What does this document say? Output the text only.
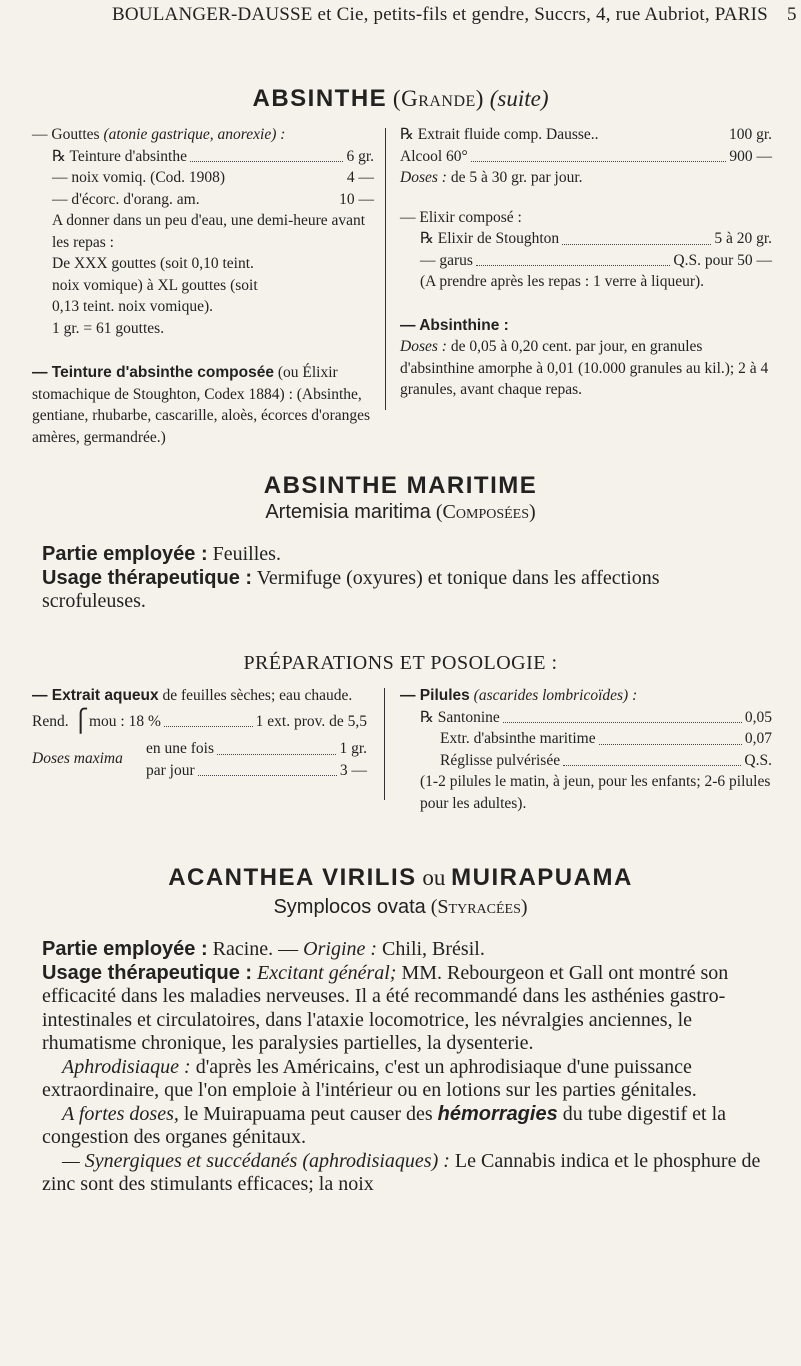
BOULANGER-DAUSSE et Cie, petits-fils et gendre, Succrs, 4, rue Aubriot, PARIS 5
ABSINTHE (Grande) (suite)

— Gouttes (atonie gastrique, anorexie) :

℞ Teinture d'absinthe	6 gr.
— noix vomiq. (Cod. 1908)	4 —
— d'écorc. d'orang. am.	10 —

A donner dans un peu d'eau, une demi-heure avant les repas :

De XXX gouttes (soit 0,10 teint.

noix vomique) à XL gouttes (soit

0,13 teint. noix vomique).

1 gr. = 61 gouttes.

— Teinture d'absinthe composée (ou Élixir stomachique de Stoughton, Codex 1884) : (Absinthe, gentiane, rhubarbe, cascarille, aloès, écorces d'oranges amères, germandrée.)

℞ Extrait fluide comp. Dausse..	100 gr.
Alcool 60°	900 —

Doses : de 5 à 30 gr. par jour.

— Elixir composé :

℞ Elixir de Stoughton	5 à 20 gr.
— garus	Q.S. pour 50 —

(A prendre après les repas : 1 verre à liqueur).

— Absinthine :

Doses : de 0,05 à 0,20 cent. par jour, en granules d'absinthine amorphe à 0,01 (10.000 granules au kil.); 2 à 4 granules, avant chaque repas.

ABSINTHE MARITIME
Artemisia maritima (Composées)

Partie employée : Feuilles.

Usage thérapeutique : Vermifuge (oxyures) et tonique dans les affections scrofuleuses.

PRÉPARATIONS ET POSOLOGIE :

— Extrait aqueux de feuilles sèches; eau chaude.

Rend.
⎧ mou : 18 %	1 ext. prov. de 5,5
Doses maxima
en une fois	1 gr.
par jour	3 —

— Pilules (ascarides lombricoïdes) :

℞ Santonine	0,05
Extr. d'absinthe maritime	0,07
Réglisse pulvérisée	Q.S.

(1-2 pilules le matin, à jeun, pour les enfants; 2-6 pilules pour les adultes).

ACANTHEA VIRILIS ou MUIRAPUAMA
Symplocos ovata (Styracées)

Partie employée : Racine. — Origine : Chili, Brésil.

Usage thérapeutique : Excitant général; MM. Rebourgeon et Gall ont montré son efficacité dans les maladies nerveuses. Il a été recommandé dans les asthénies gastro-intestinales et circulatoires, dans l'ataxie locomotrice, les névralgies anciennes, le rhumatisme chronique, les paralysies partielles, la dysenterie.

Aphrodisiaque : d'après les Américains, c'est un aphrodisiaque d'une puissance extraordinaire, que l'on emploie à l'intérieur ou en lotions sur les parties génitales.

A fortes doses, le Muirapuama peut causer des hémorragies du tube digestif et la congestion des organes génitaux.

— Synergiques et succédanés (aphrodisiaques) : Le Cannabis indica et le phosphure de zinc sont des stimulants efficaces; la noix
